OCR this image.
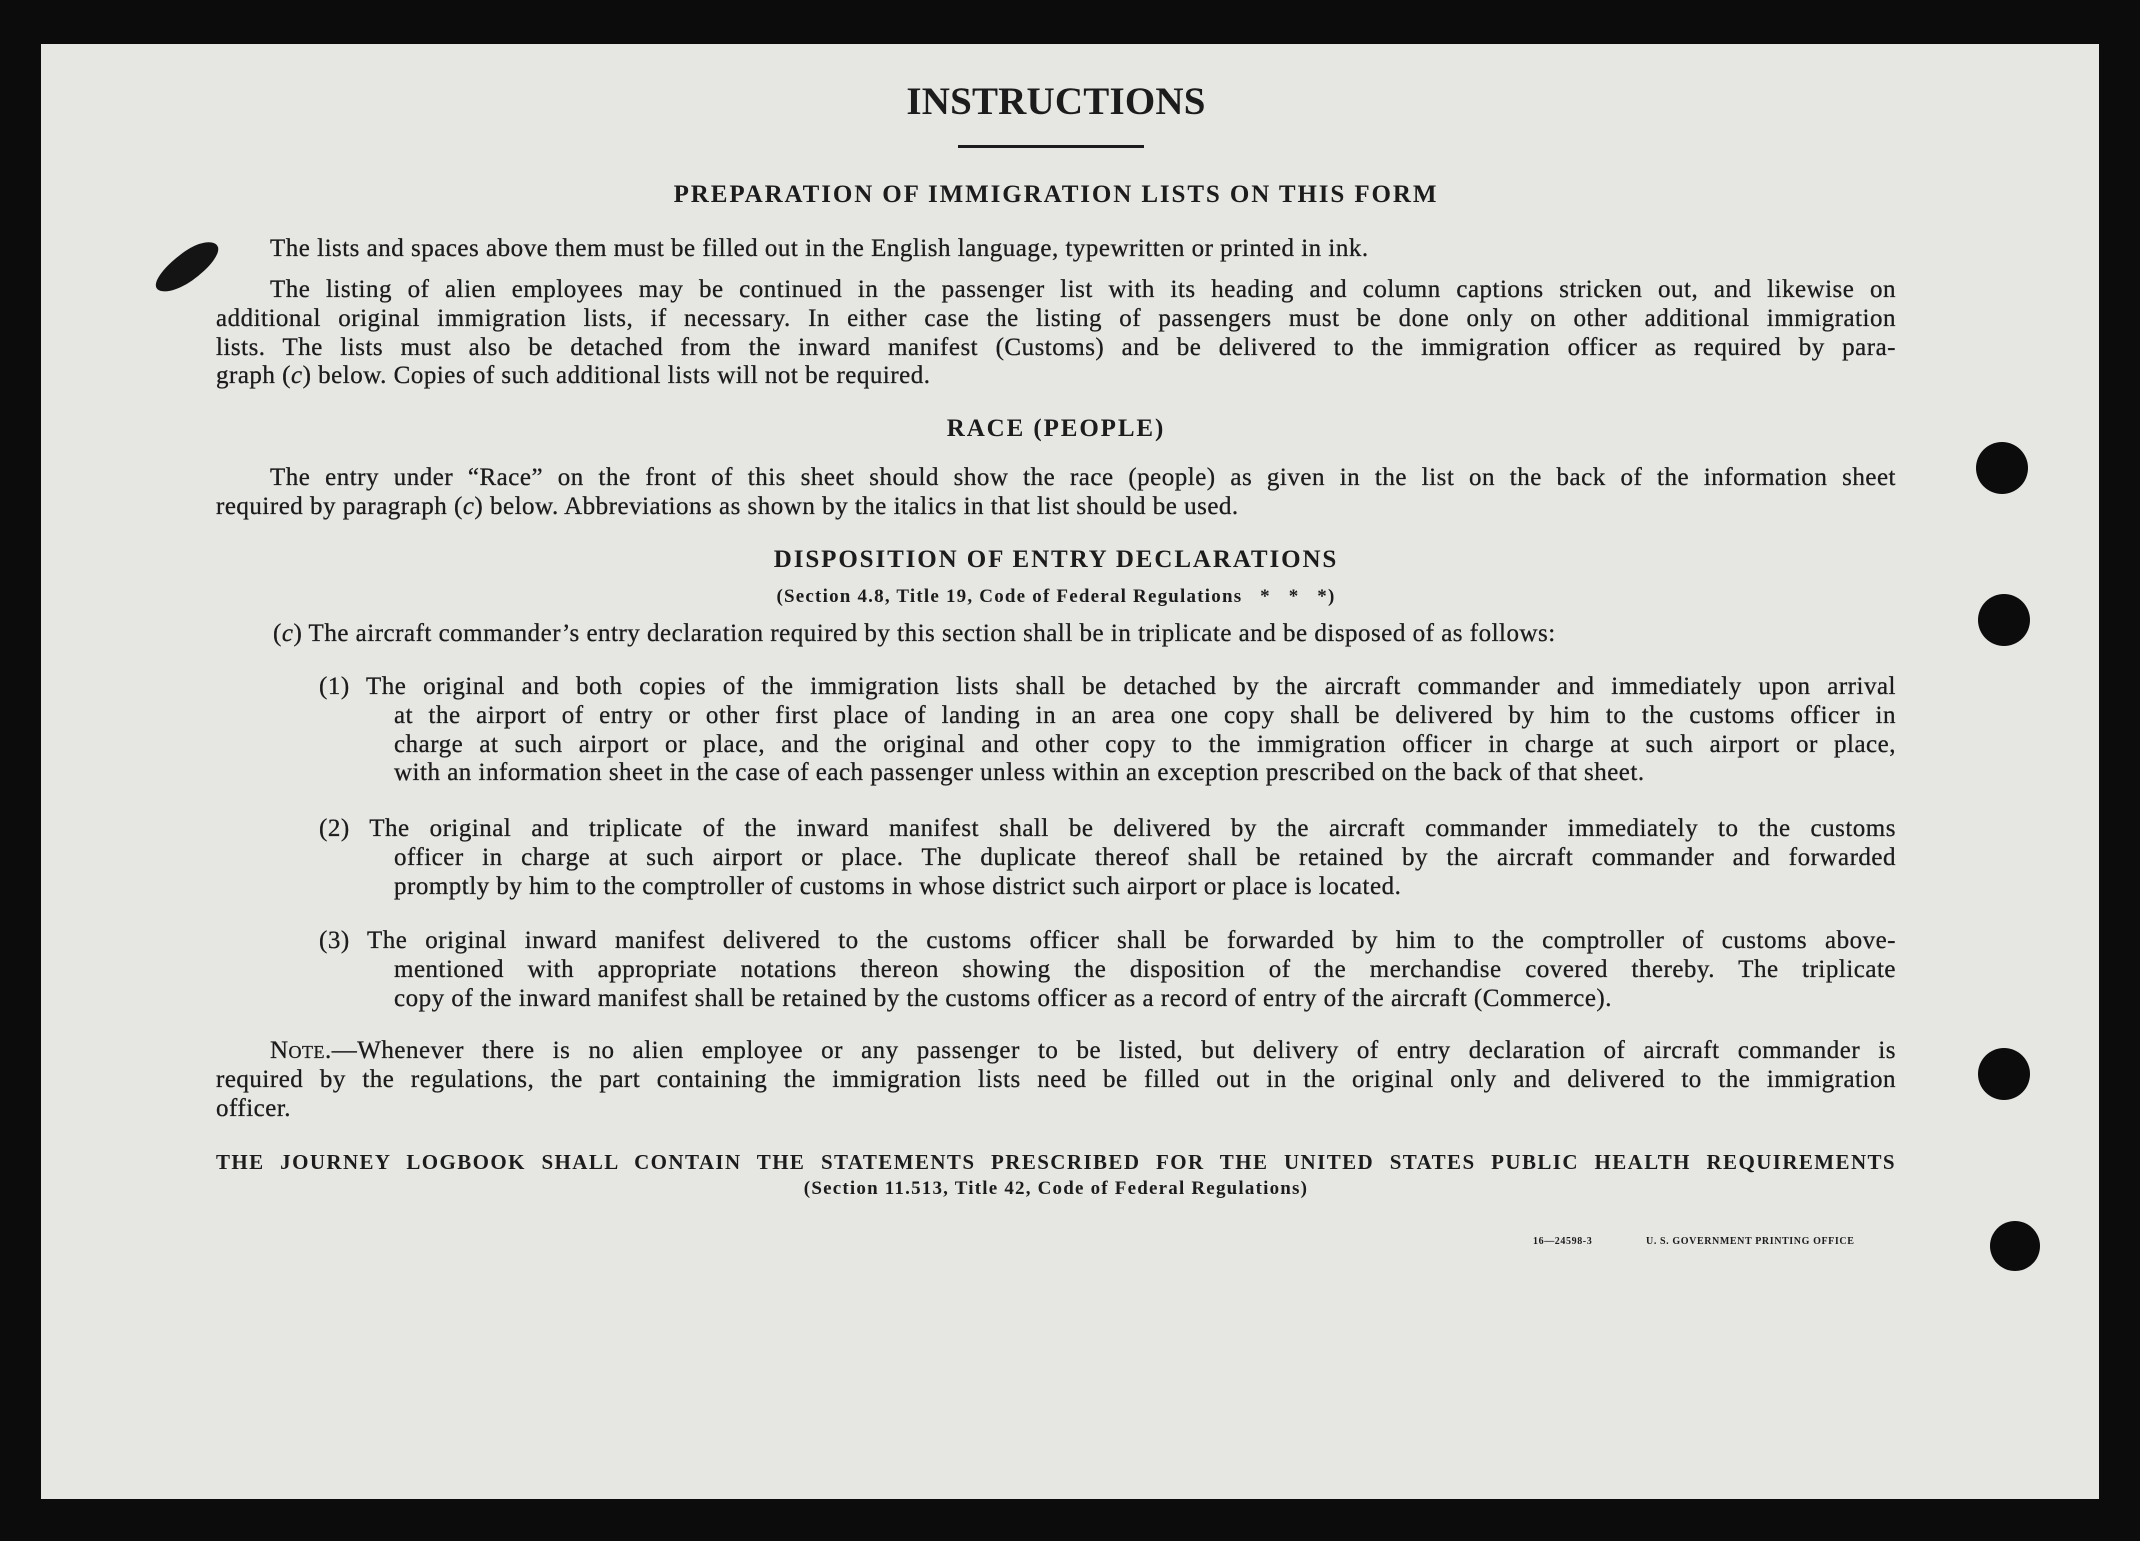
INSTRUCTIONS
PREPARATION OF IMMIGRATION LISTS ON THIS FORM
The lists and spaces above them must be filled out in the English language, typewritten or printed in ink.
The listing of alien employees may be continued in the passenger list with its heading and column captions stricken out, and likewise on
additional original immigration lists, if necessary. In either case the listing of passengers must be done only on other additional immigration
lists. The lists must also be detached from the inward manifest (Customs) and be delivered to the immigration officer as required by para-
graph (c) below. Copies of such additional lists will not be required.
RACE (PEOPLE)
The entry under “Race” on the front of this sheet should show the race (people) as given in the list on the back of the information sheet
required by paragraph (c) below. Abbreviations as shown by the italics in that list should be used.
DISPOSITION OF ENTRY DECLARATIONS
(Section 4.8, Title 19, Code of Federal Regulations   *   *   *)
(c) The aircraft commander’s entry declaration required by this section shall be in triplicate and be disposed of as follows:
(1) The original and both copies of the immigration lists shall be detached by the aircraft commander and immediately upon arrival
at the airport of entry or other first place of landing in an area one copy shall be delivered by him to the customs officer in
charge at such airport or place, and the original and other copy to the immigration officer in charge at such airport or place,
with an information sheet in the case of each passenger unless within an exception prescribed on the back of that sheet.
(2) The original and triplicate of the inward manifest shall be delivered by the aircraft commander immediately to the customs
officer in charge at such airport or place. The duplicate thereof shall be retained by the aircraft commander and forwarded
promptly by him to the comptroller of customs in whose district such airport or place is located.
(3) The original inward manifest delivered to the customs officer shall be forwarded by him to the comptroller of customs above-
mentioned with appropriate notations thereon showing the disposition of the merchandise covered thereby. The triplicate
copy of the inward manifest shall be retained by the customs officer as a record of entry of the aircraft (Commerce).
Note.—Whenever there is no alien employee or any passenger to be listed, but delivery of entry declaration of aircraft commander is
required by the regulations, the part containing the immigration lists need be filled out in the original only and delivered to the immigration
officer.
THE JOURNEY LOGBOOK SHALL CONTAIN THE STATEMENTS PRESCRIBED FOR THE UNITED STATES PUBLIC HEALTH REQUIREMENTS
(Section 11.513, Title 42, Code of Federal Regulations)
16—24598-3	U. S. GOVERNMENT PRINTING OFFICE
